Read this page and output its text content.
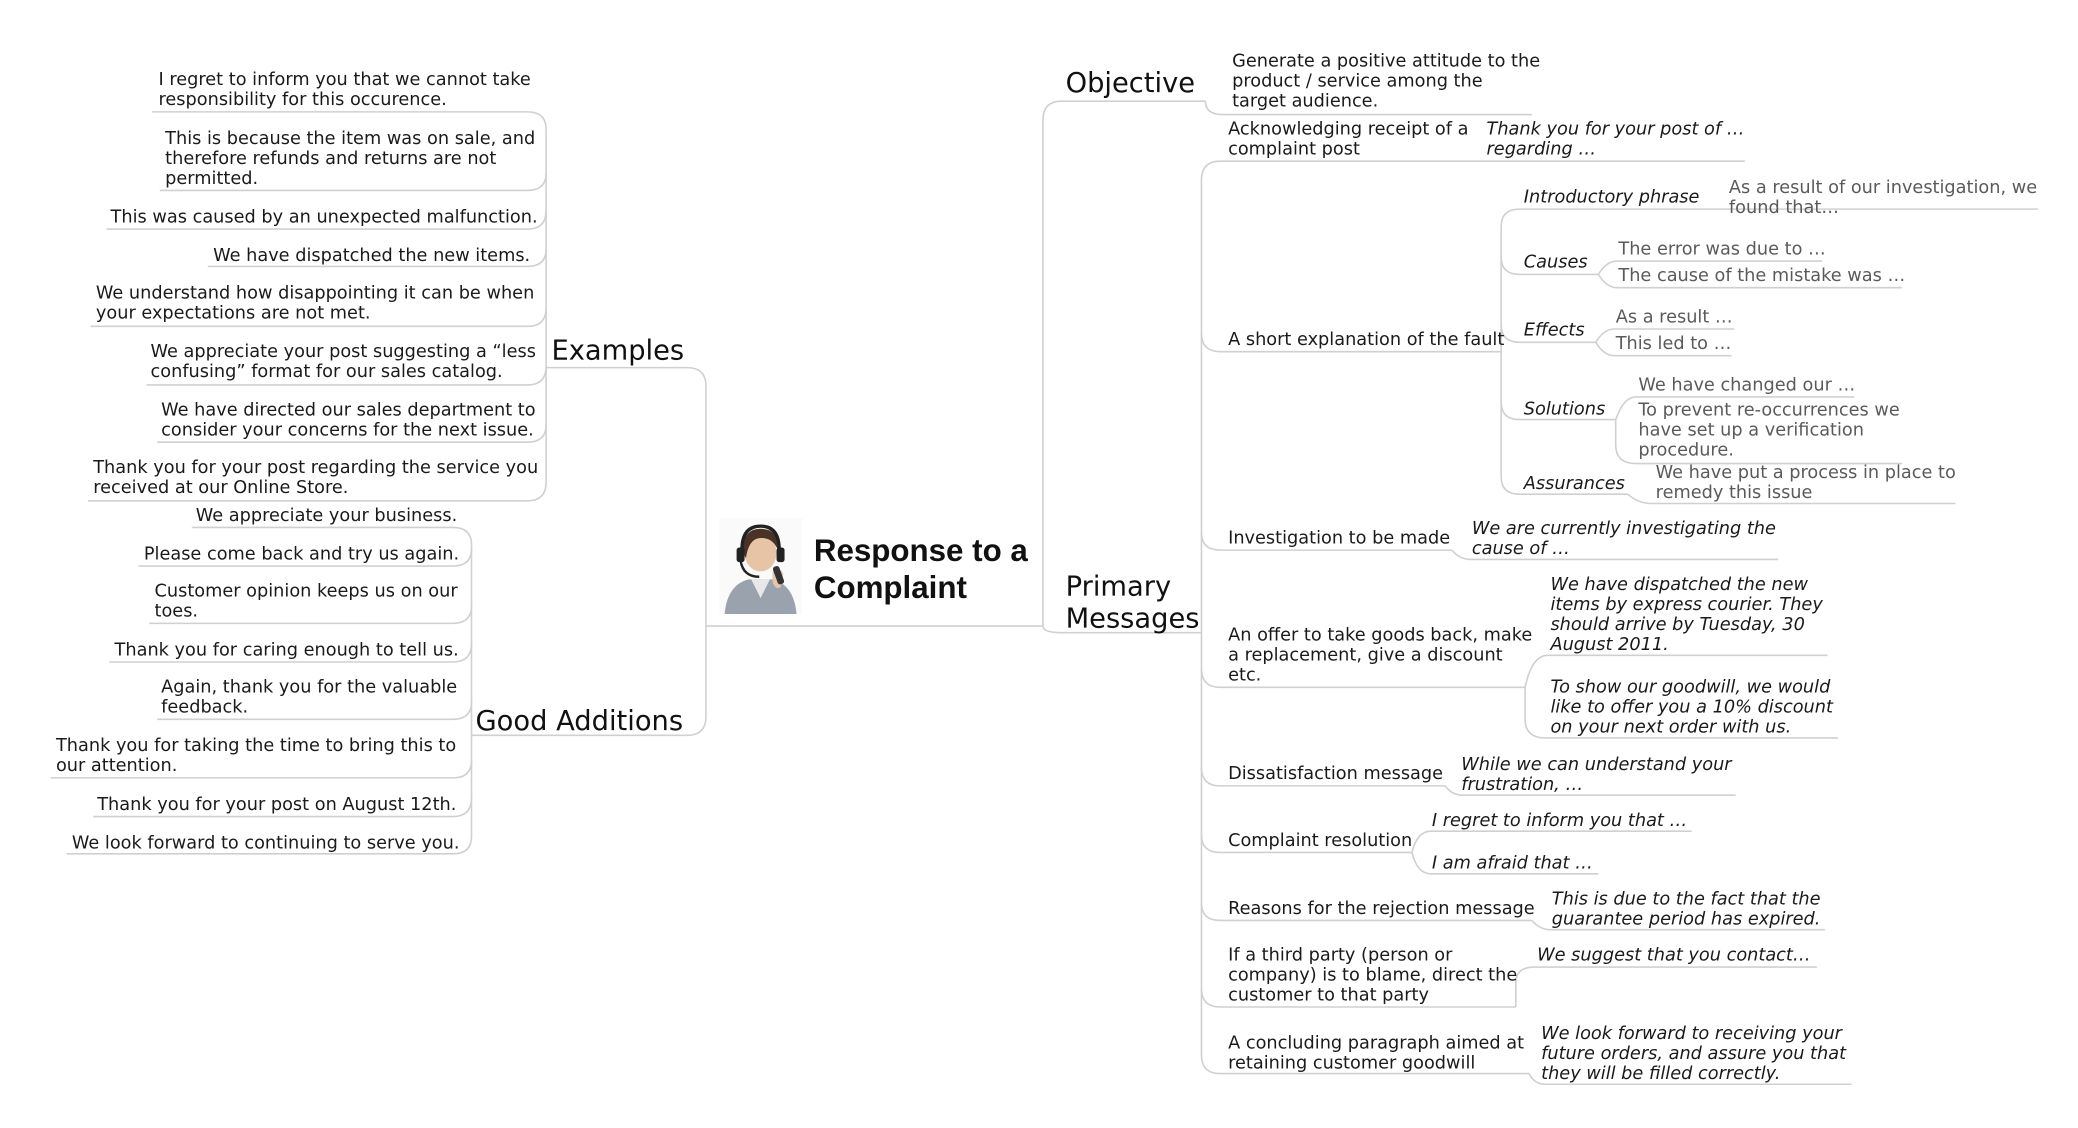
Response to a
Complaint
Examples
I regret to inform you that we cannot take
responsibility for this occurence.
This is because the item was on sale, and
therefore refunds and returns are not
permitted.
This was caused by an unexpected malfunction.
We have dispatched the new items.
We understand how disappointing it can be when
your expectations are not met.
We appreciate your post suggesting a “less
confusing” format for our sales catalog.
We have directed our sales department to
consider your concerns for the next issue.
Thank you for your post regarding the service you
received at our Online Store.
Good Additions
We appreciate your business.
Please come back and try us again.
Customer opinion keeps us on our
toes.
Thank you for caring enough to tell us.
Again, thank you for the valuable
feedback.
Thank you for taking the time to bring this to
our attention.
Thank you for your post on August 12th.
We look forward to continuing to serve you.
Objective
Generate a positive attitude to the
product / service among the
target audience.
Primary
Messages
Acknowledging receipt of a
complaint post
Thank you for your post of …
regarding …
A short explanation of the fault
Introductory phrase As a result of our investigation, we
found that…
Causes
The error was due to …
The cause of the mistake was …
Effects
As a result …
This led to …
Solutions
We have changed our …
To prevent re-occurrences we
have set up a verification
procedure.
Assurances
We have put a process in place to
remedy this issue
Investigation to be made We are currently investigating the
cause of …
An offer to take goods back, make
a replacement, give a discount
etc.
We have dispatched the new
items by express courier. They
should arrive by Tuesday, 30
August 2011.
To show our goodwill, we would
like to offer you a 10% discount
on your next order with us.
Dissatisfaction message While we can understand your
frustration, …
Complaint resolution
I regret to inform you that …
I am afraid that …
Reasons for the rejection message This is due to the fact that the
guarantee period has expired.
If a third party (person or
company) is to blame, direct the
customer to that party
We suggest that you contact…
A concluding paragraph aimed at
retaining customer goodwill
We look forward to receiving your
future orders, and assure you that
they will be filled correctly.
